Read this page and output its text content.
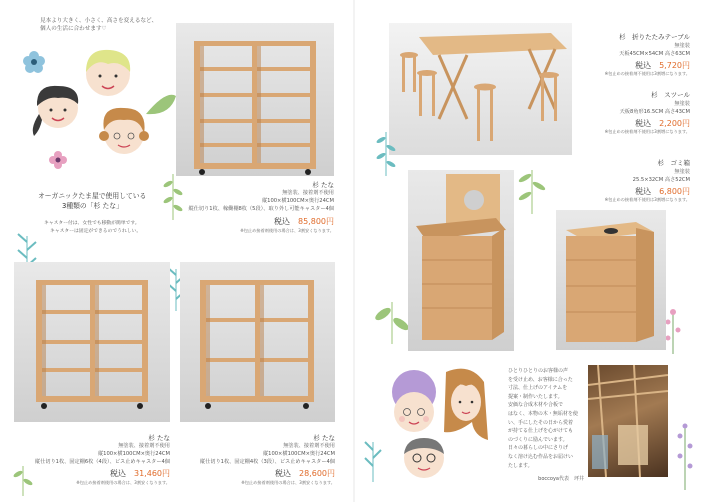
見本より大きく、小さく、高さを変えるなど、
個人の生活に合わせます♡
オーガニックたま屋で使用している
3種類の「杉 たな」
キャスター付は、女性でも移動が簡単です。
キャスターは固定ができるのでうれしい。
杉 たな
無塗装、接着剤不使用
縦100×横100CM×奥行24CM
縦仕切り1枚、稼働棚8枚（5段）、取り外し可能キャスター4個
税込　 85,800円
※包止め接着剤使用の場合は、3割安くなります。
杉 たな
無塗装、接着剤不使用
縦100×横100CM×奥行24CM
縦仕切り1枚、固定棚6枚（4段）、ビス止めキャスター4個
税込　 31,460円
※包止め接着剤使用の場合は、3割安くなります。
杉 たな
無塗装、接着剤不使用
縦100×横100CM×奥行24CM
縦仕切り1枚、固定棚4枚（3段）、ビス止めキャスター4個
税込　 28,600円
※包止め接着剤使用の場合は、3割安くなります。
杉　折りたたみテーブル
無塗装
天板45CM×54CM 高さ63CM
税込　 5,720円
※包止めの接着剤不使用は3割増になります。
杉　スツール
無塗装
天板8角形16.5CM 高さ43CM
税込　 2,200円
※包止めの接着剤不使用は3割増になります。
杉　ゴミ箱
無塗装
25.5×32CM 高さ52CM
税込　 6,800円
※包止めの接着剤不使用は3割増になります。
ひとりひとりのお客様の声
を受け止め、お客様に合った
寸法、仕上げのアイテムを
提案・制作いたします。
安価な合成木材や合板で
はなく、本物の木・無垢材を使
い、手にしたその日から愛着
が持てる仕上げを心がけても
のづくりに励んでいます。
日々の暮らしの中にさりげ
なく溶け込む作品をお届けい
たします。
boccoya代表　坪井
